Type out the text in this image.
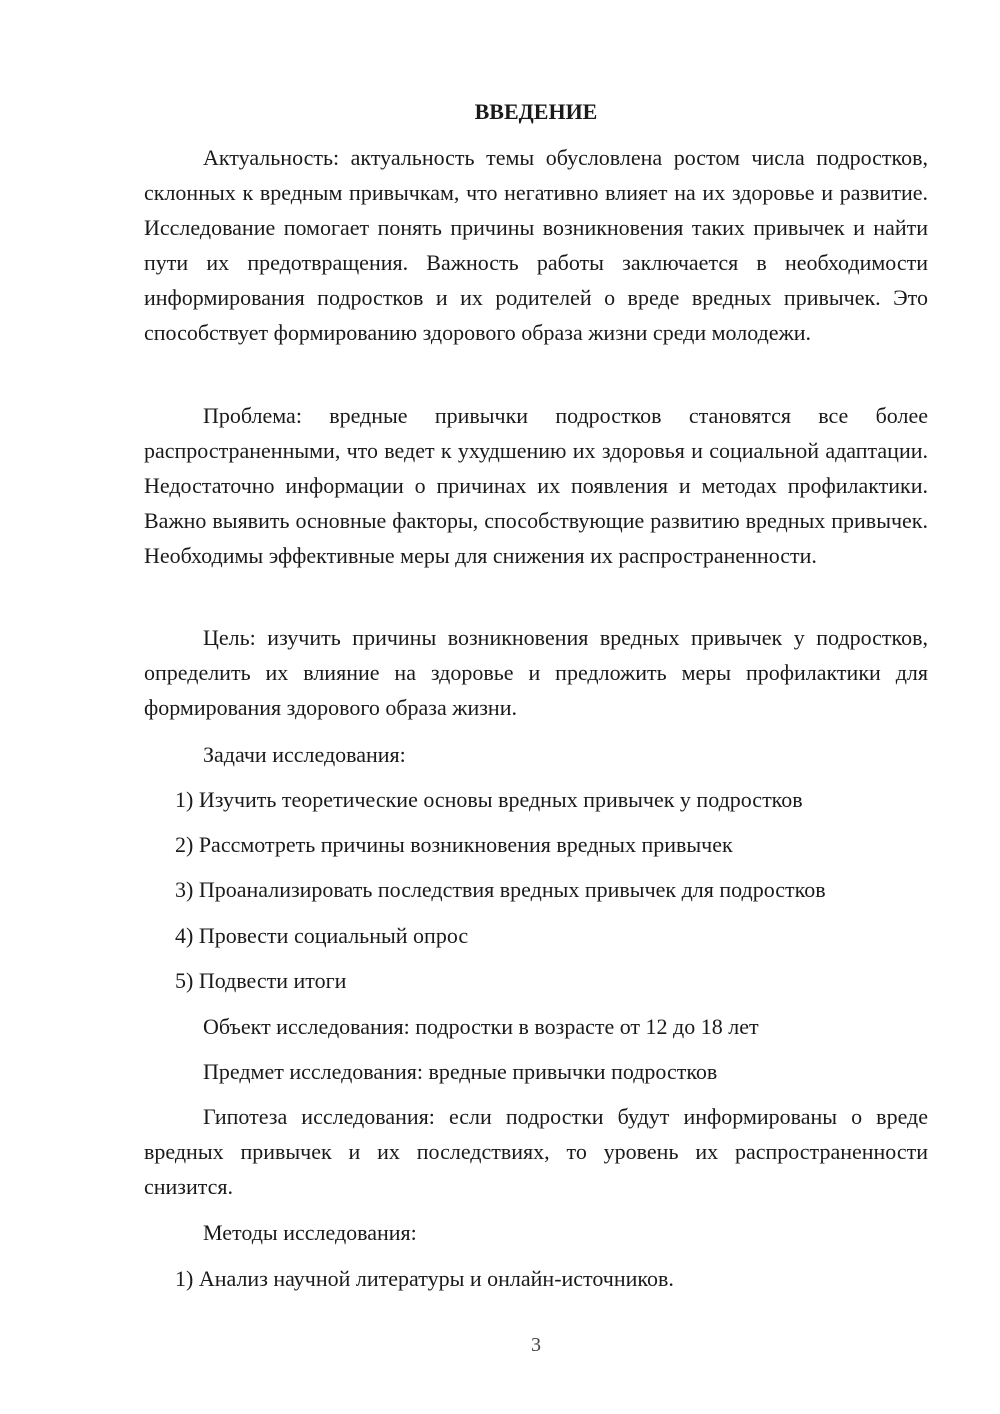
ВВЕДЕНИЕ

Актуальность: актуальность темы обусловлена ростом числа подростков, склонных к вредным привычкам, что негативно влияет на их здоровье и развитие. Исследование помогает понять причины возникновения таких привычек и найти пути их предотвращения. Важность работы заключается в необходимости информирования подростков и их родителей о вреде вредных привычек. Это способствует формированию здорового образа жизни среди молодежи.

Проблема: вредные привычки подростков становятся все более распространенными, что ведет к ухудшению их здоровья и социальной адаптации. Недостаточно информации о причинах их появления и методах профилактики. Важно выявить основные факторы, способствующие развитию вредных привычек. Необходимы эффективные меры для снижения их распространенности.

Цель: изучить причины возникновения вредных привычек у подростков, определить их влияние на здоровье и предложить меры профилактики для формирования здорового образа жизни.

Задачи исследования:
1) Изучить теоретические основы вредных привычек у подростков
2) Рассмотреть причины возникновения вредных привычек
3) Проанализировать последствия вредных привычек для подростков
4) Провести социальный опрос
5) Подвести итоги
Объект исследования: подростки в возрасте от 12 до 18 лет
Предмет исследования: вредные привычки подростков

Гипотеза исследования: если подростки будут информированы о вреде вредных привычек и их последствиях, то уровень их распространенности снизится.

Методы исследования:
1) Анализ научной литературы и онлайн-источников.
3
